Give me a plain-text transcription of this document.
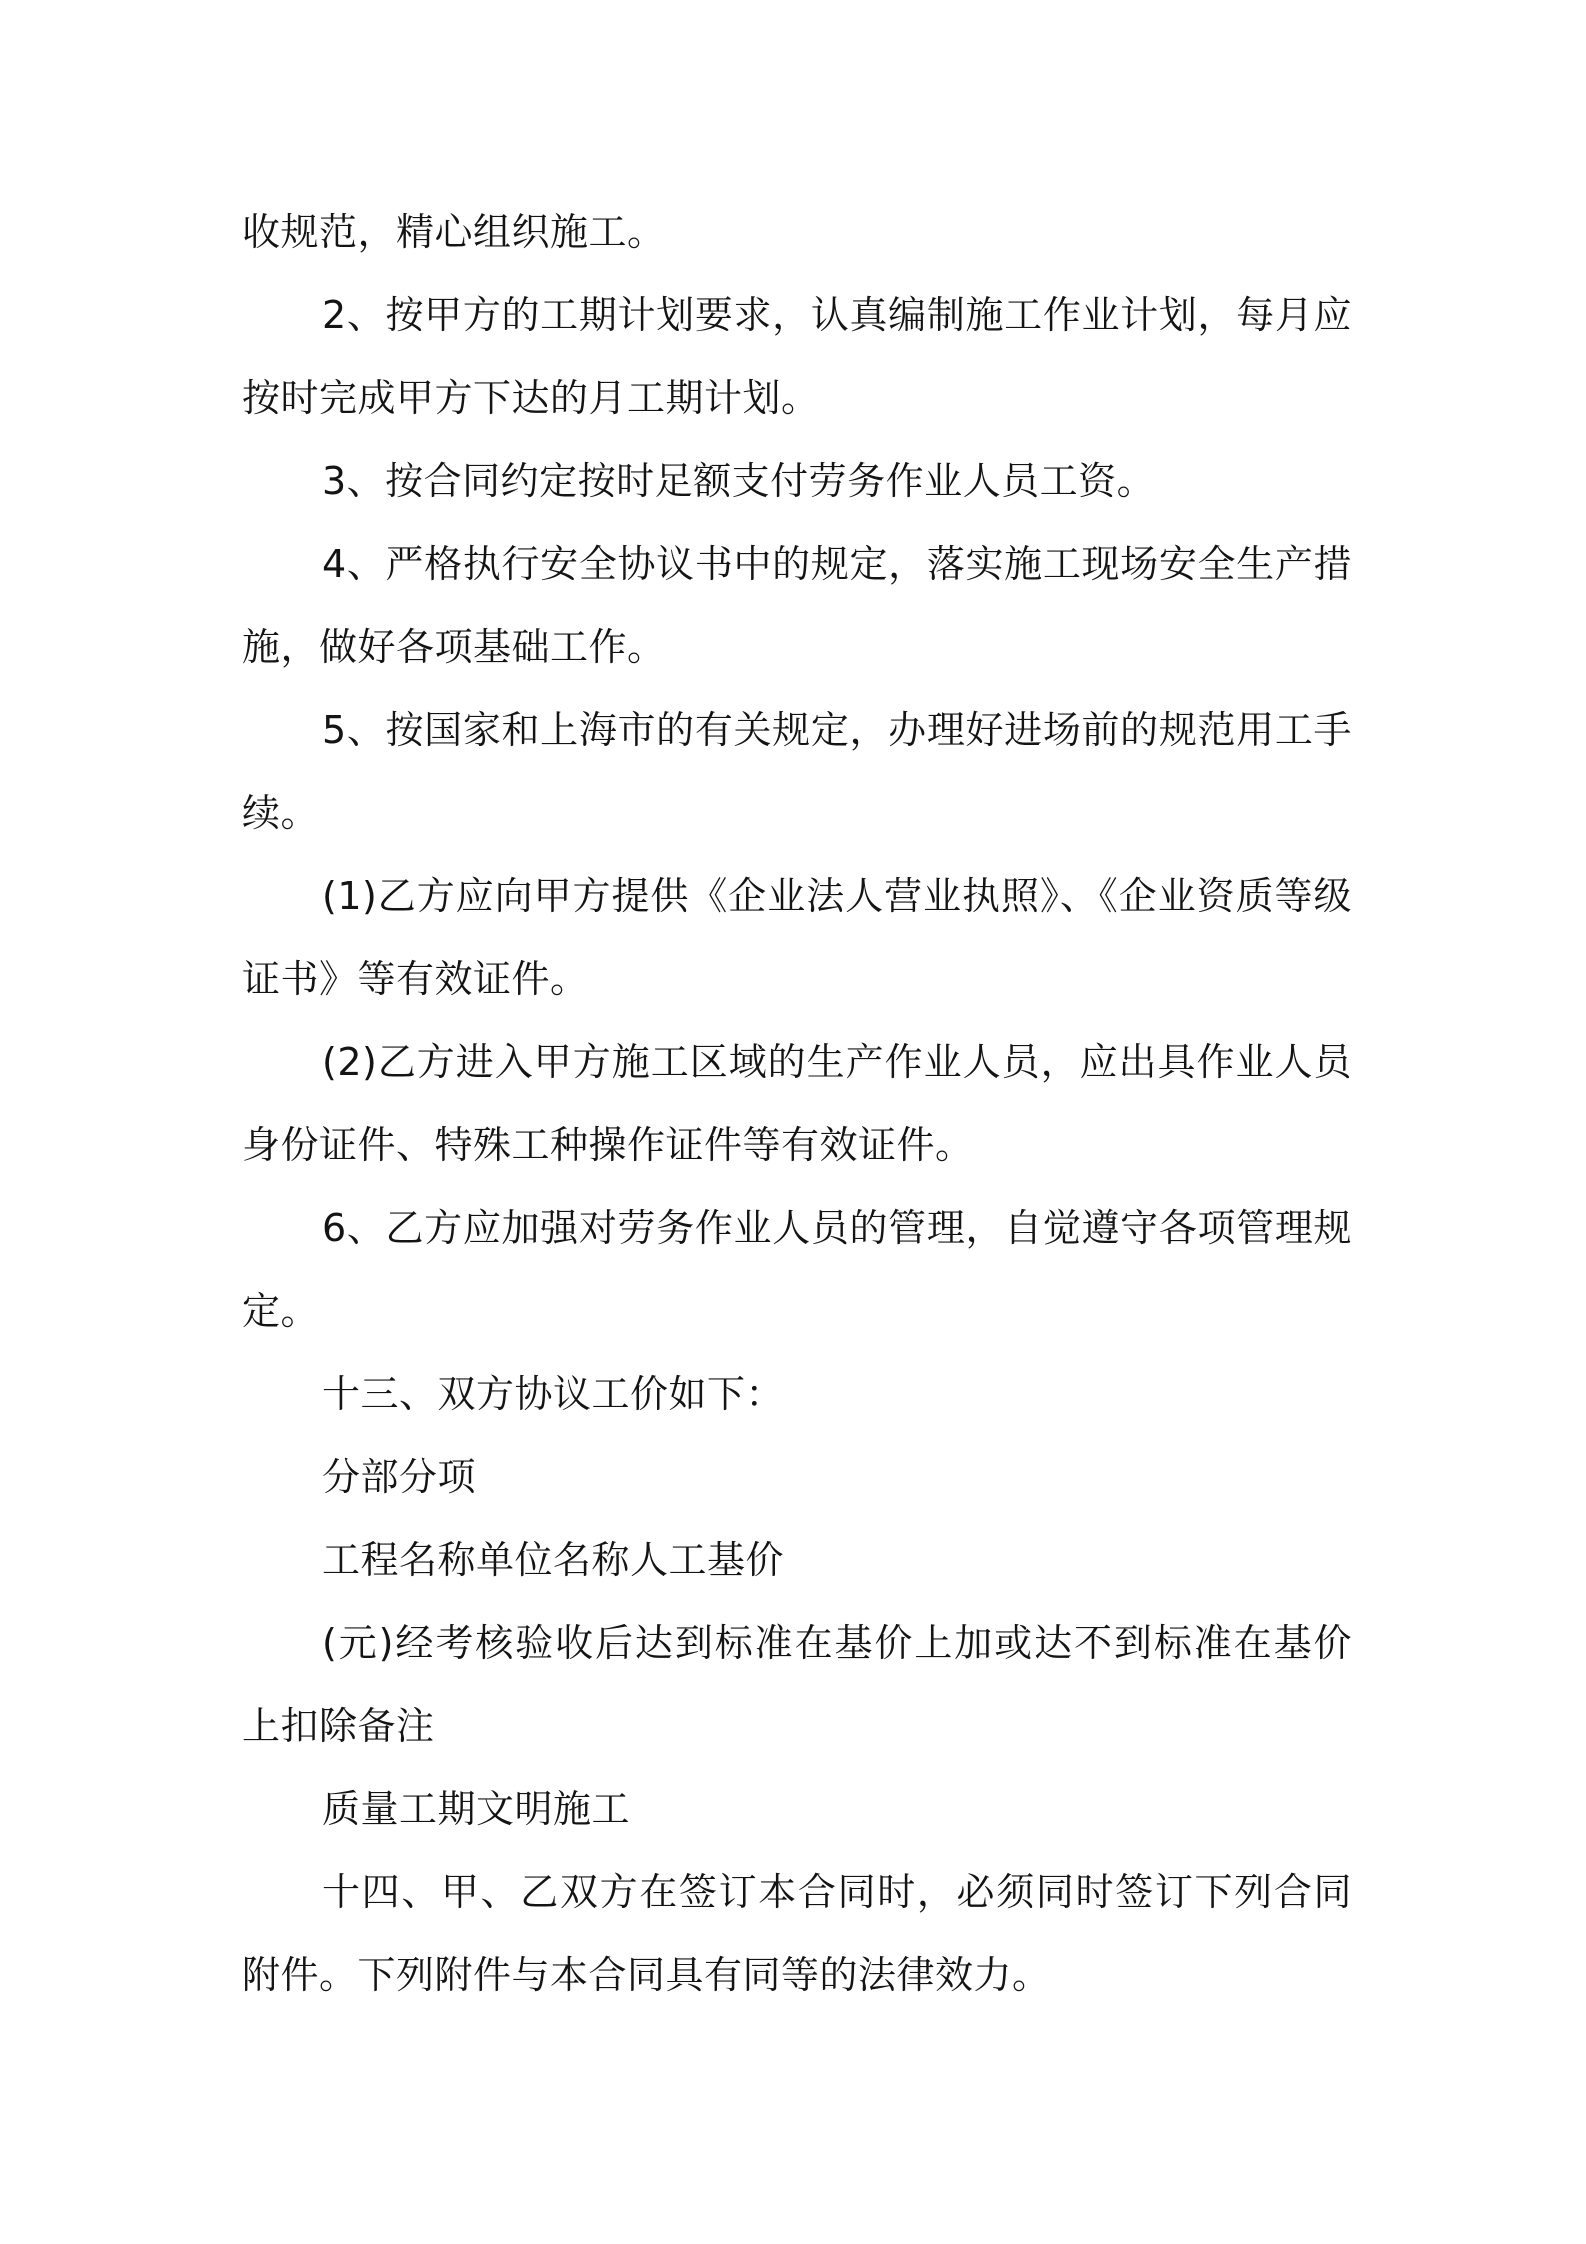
收规范，精心组织施工。

2、按甲方的工期计划要求，认真编制施工作业计划，每月应按时完成甲方下达的月工期计划。

3、按合同约定按时足额支付劳务作业人员工资。

4、严格执行安全协议书中的规定，落实施工现场安全生产措施，做好各项基础工作。

5、按国家和上海市的有关规定，办理好进场前的规范用工手续。

(1)乙方应向甲方提供《企业法人营业执照》、《企业资质等级证书》等有效证件。

(2)乙方进入甲方施工区域的生产作业人员，应出具作业人员身份证件、特殊工种操作证件等有效证件。

6、乙方应加强对劳务作业人员的管理，自觉遵守各项管理规定。

十三、双方协议工价如下：

分部分项

工程名称单位名称人工基价

(元)经考核验收后达到标准在基价上加或达不到标准在基价上扣除备注

质量工期文明施工

十四、甲、乙双方在签订本合同时，必须同时签订下列合同附件。下列附件与本合同具有同等的法律效力。
